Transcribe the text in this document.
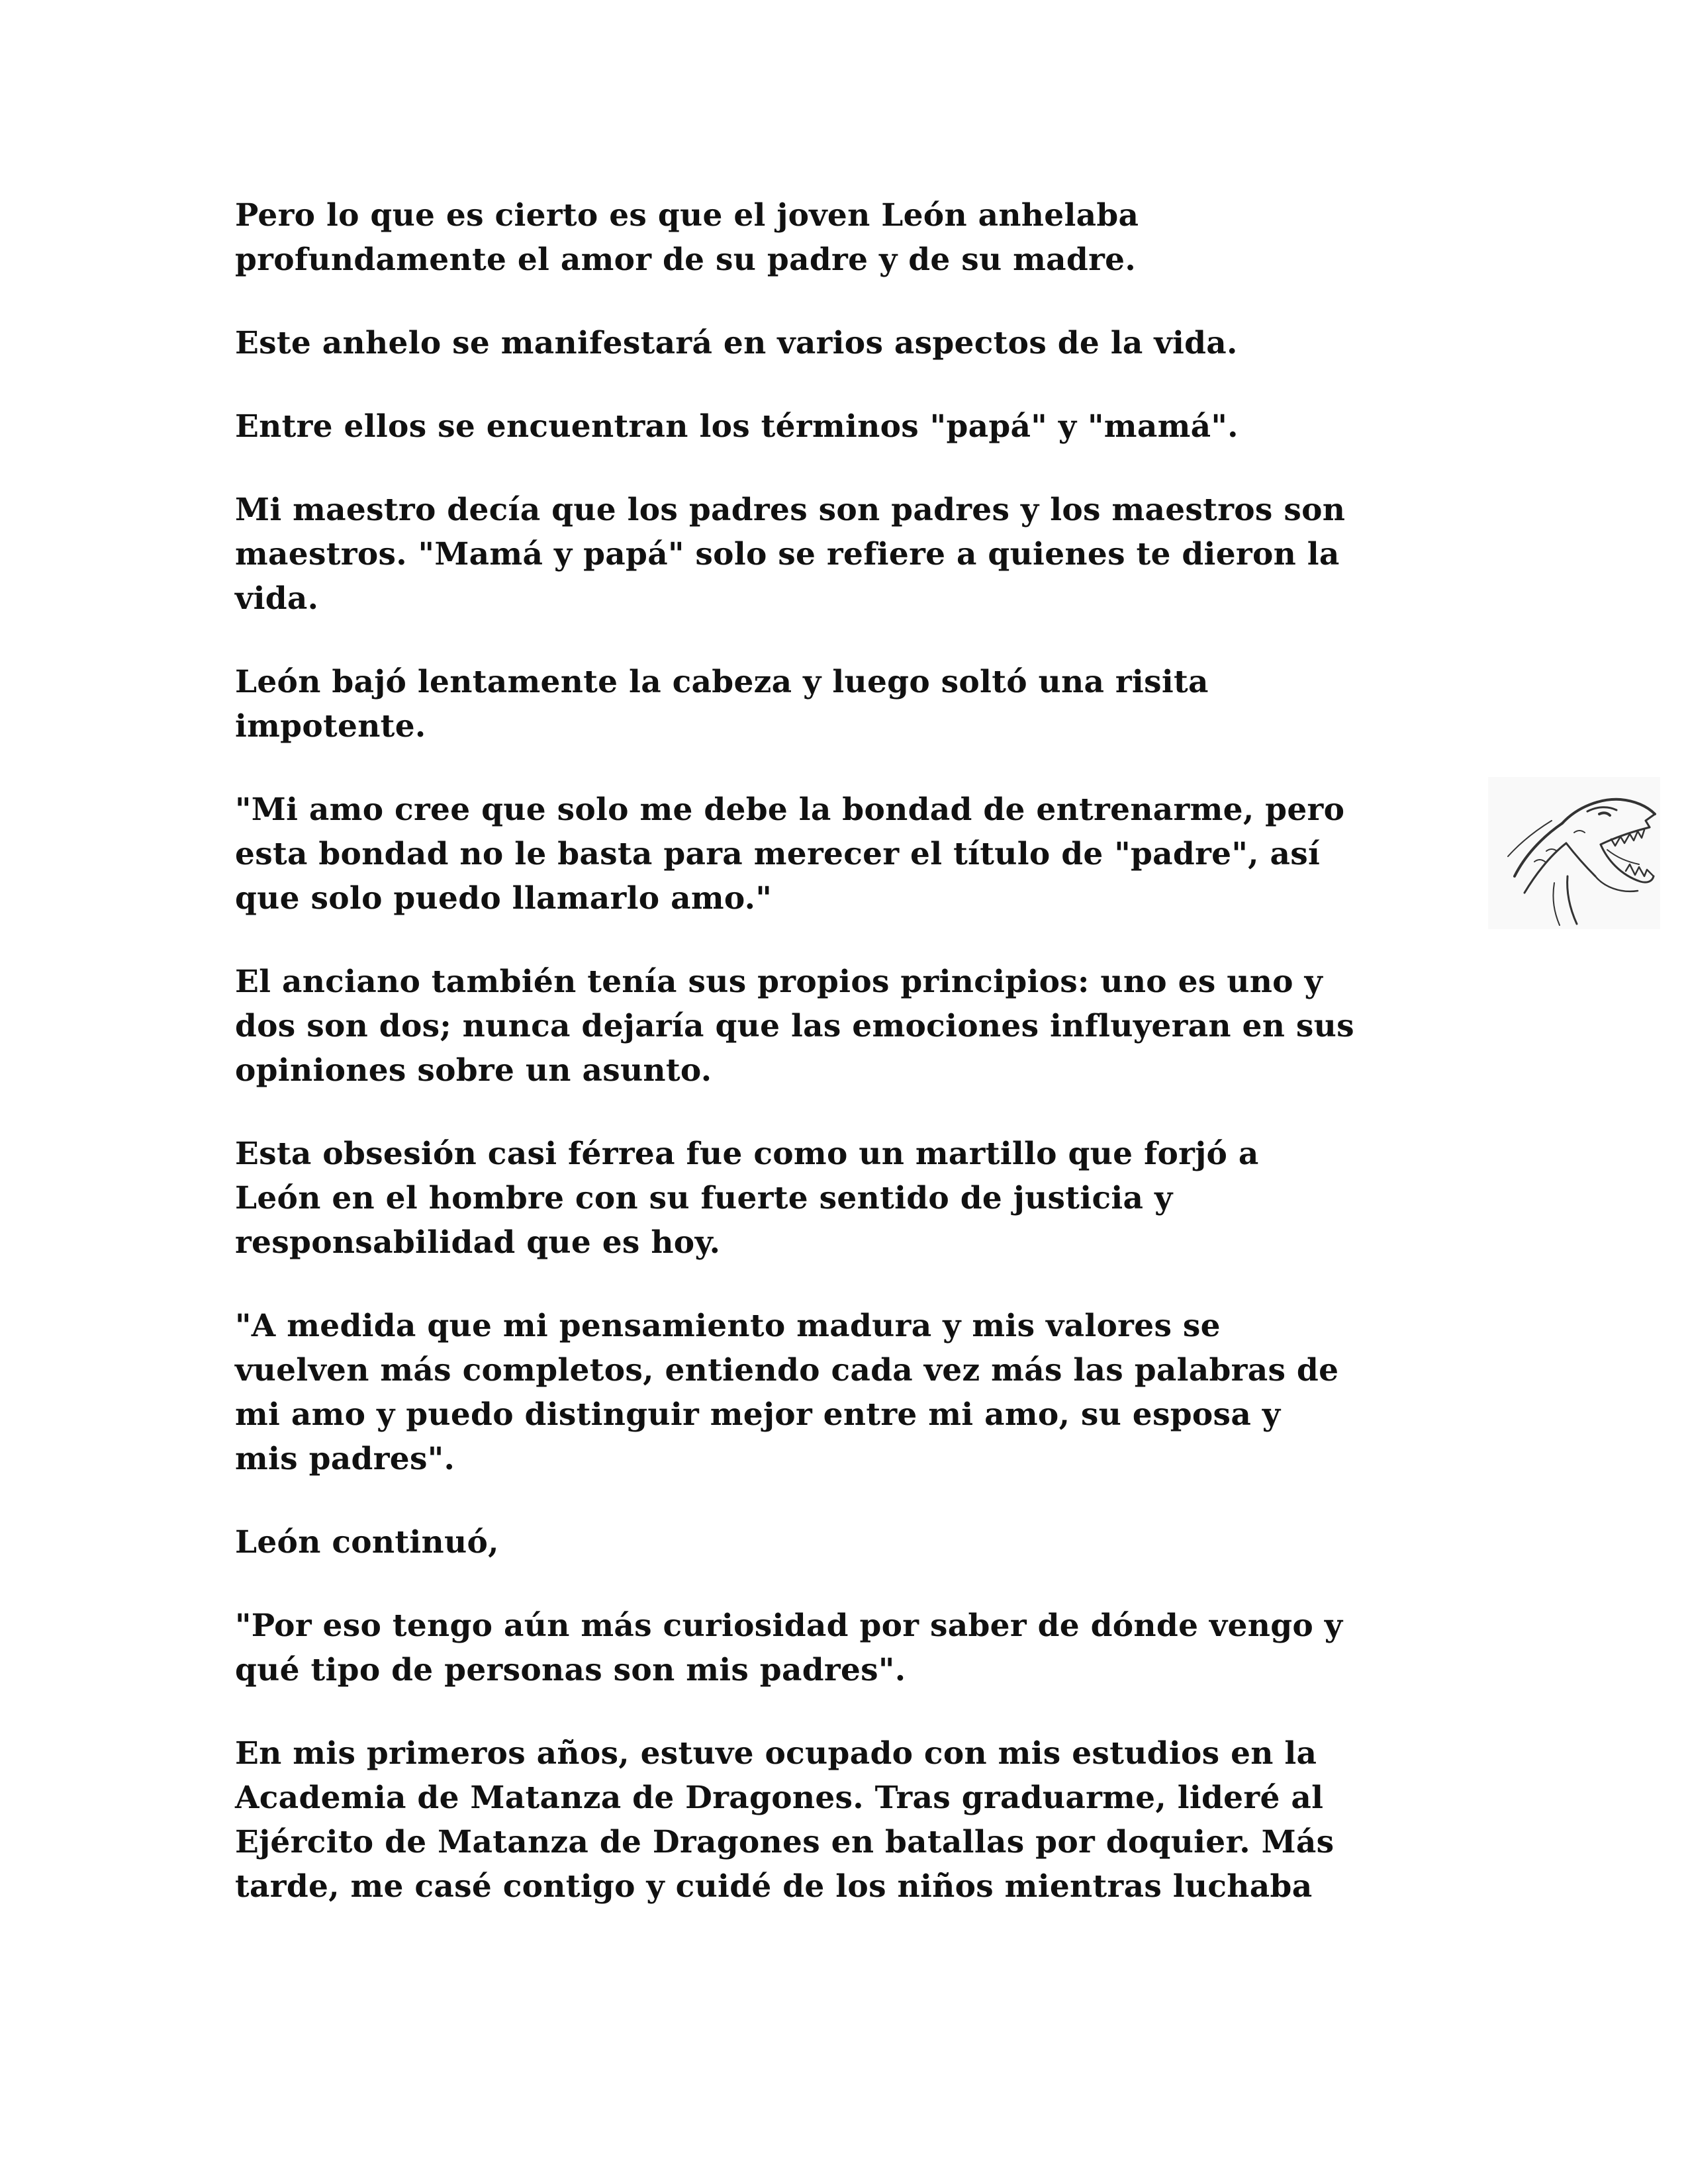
Pero lo que es cierto es que el joven León anhelaba
profundamente el amor de su padre y de su madre.

Este anhelo se manifestará en varios aspectos de la vida.

Entre ellos se encuentran los términos "papá" y "mamá".

Mi maestro decía que los padres son padres y los maestros son
maestros. "Mamá y papá" solo se refiere a quienes te dieron la
vida.

León bajó lentamente la cabeza y luego soltó una risita
impotente.

"Mi amo cree que solo me debe la bondad de entrenarme, pero
esta bondad no le basta para merecer el título de "padre", así
que solo puedo llamarlo amo."

El anciano también tenía sus propios principios: uno es uno y
dos son dos; nunca dejaría que las emociones influyeran en sus
opiniones sobre un asunto.

Esta obsesión casi férrea fue como un martillo que forjó a
León en el hombre con su fuerte sentido de justicia y
responsabilidad que es hoy.

"A medida que mi pensamiento madura y mis valores se
vuelven más completos, entiendo cada vez más las palabras de
mi amo y puedo distinguir mejor entre mi amo, su esposa y
mis padres".

León continuó,

"Por eso tengo aún más curiosidad por saber de dónde vengo y
qué tipo de personas son mis padres".

En mis primeros años, estuve ocupado con mis estudios en la
Academia de Matanza de Dragones. Tras graduarme, lideré al
Ejército de Matanza de Dragones en batallas por doquier. Más
tarde, me casé contigo y cuidé de los niños mientras luchaba
